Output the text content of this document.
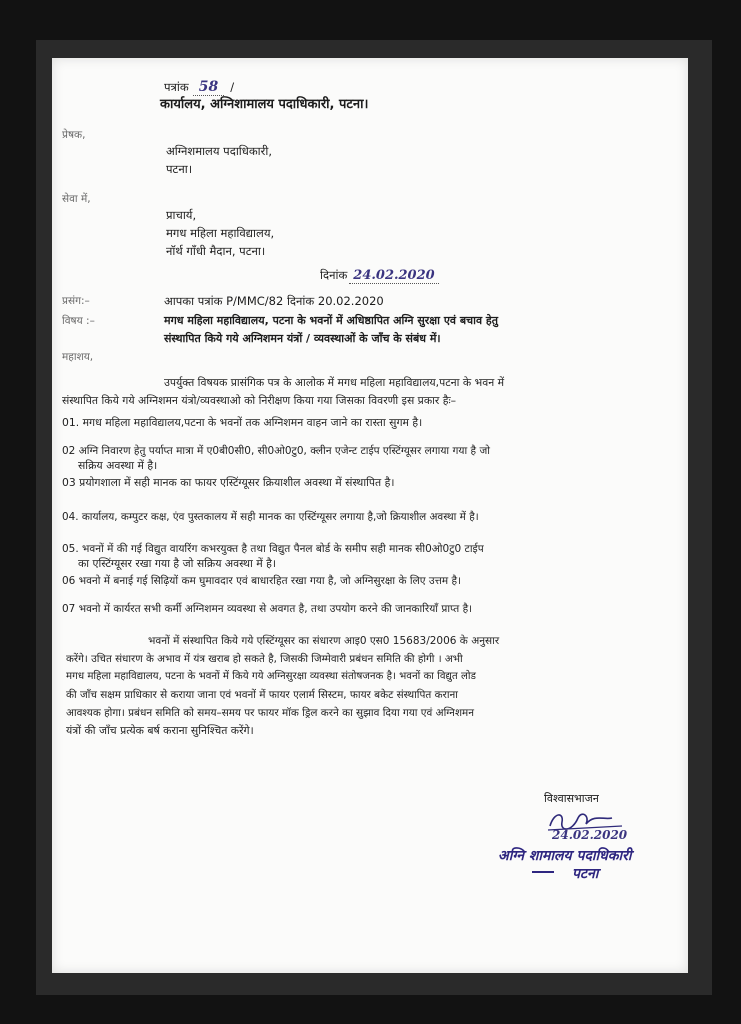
पत्रांक 58 /
कार्यालय, अग्निशामालय पदाधिकारी, पटना।
प्रेषक,
अग्निशमालय पदाधिकारी,
पटना।
सेवा में,
प्राचार्य,
मगध महिला महाविद्यालय,
नॉर्थ गाँधी मैदान, पटना।
दिनांक 24.02.2020
प्रसंग:–	आपका पत्रांक P/MMC/82 दिनांक 20.02.2020
विषय :–	मगध महिला महाविद्यालय, पटना के भवनों में अधिष्ठापित अग्नि सुरक्षा एवं बचाव हेतु
संस्थापित किये गये अग्निशमन यंत्रों / व्यवस्थाओं के जाँच के संबंध में।
महाशय,
उपर्युक्त विषयक प्रासंगिक पत्र के आलोक में मगध महिला महाविद्यालय,पटना के भवन में
संस्थापित किये गये अग्निशमन यंत्रो/व्यवस्थाओ को निरीक्षण किया गया जिसका विवरणी इस प्रकार हैः–
01. मगध महिला महाविद्यालय,पटना के भवनों तक अग्निशमन वाहन जाने का रास्ता सुगम है।
02 अग्नि निवारण हेतु पर्याप्त मात्रा में ए0बी0सी0, सी0ओ0टु0, क्लीन एजेन्ट टाईप एस्टिंग्यूसर लगाया गया है जो
सक्रिय अवस्था में है।
03 प्रयोगशाला में सही मानक का फायर एस्टिंग्यूसर क्रियाशील अवस्था में संस्थापित है।
04. कार्यालय, कम्पुटर कक्ष, एंव पुस्तकालय में सही मानक का एस्टिंग्यूसर लगाया है,जो क्रियाशील अवस्था में है।
05. भवनों में की गई विद्युत वायरिंग कभरयुक्त है तथा विद्युत पैनल बोर्ड के समीप सही मानक सी0ओ0टु0 टाईप
का एस्टिंग्यूसर रखा गया है जो सक्रिय अवस्था में है।
06 भवनो में बनाई गई सिढ़ियों कम घुमावदार एवं बाधारहित रखा गया है, जो अग्निसुरक्षा के लिए उत्तम है।
07 भवनो में कार्यरत सभी कर्मी अग्निशमन व्यवस्था से अवगत है, तथा उपयोग करने की जानकारियाँ प्राप्त है।
भवनों में संस्थापित किये गये एस्टिंग्यूसर का संधारण आइ0 एस0 15683/2006 के अनुसार
करेंगे। उचित संधारण के अभाव में यंत्र खराब हो सकते है, जिसकी जिम्मेवारी प्रबंधन समिति की होगी । अभी
मगध महिला महाविद्यालय, पटना के भवनों में किये गये अग्निसुरक्षा व्यवस्था संतोषजनक है। भवनों का विद्युत लोड
की जाँच सक्षम प्राधिकार से कराया जाना एवं भवनों में फायर एलार्म सिस्टम, फायर बकेट संस्थापित कराना
आवश्यक होगा। प्रबंधन समिति को समय–समय पर फायर मॉक ड्रिल करने का सुझाव दिया गया एवं अग्निशमन
यंत्रों की जाँच प्रत्येक बर्ष कराना सुनिश्चित करेंगे।
विश्वासभाजन
24.02.2020
अग्नि शामालय पदाधिकारी
पटना
